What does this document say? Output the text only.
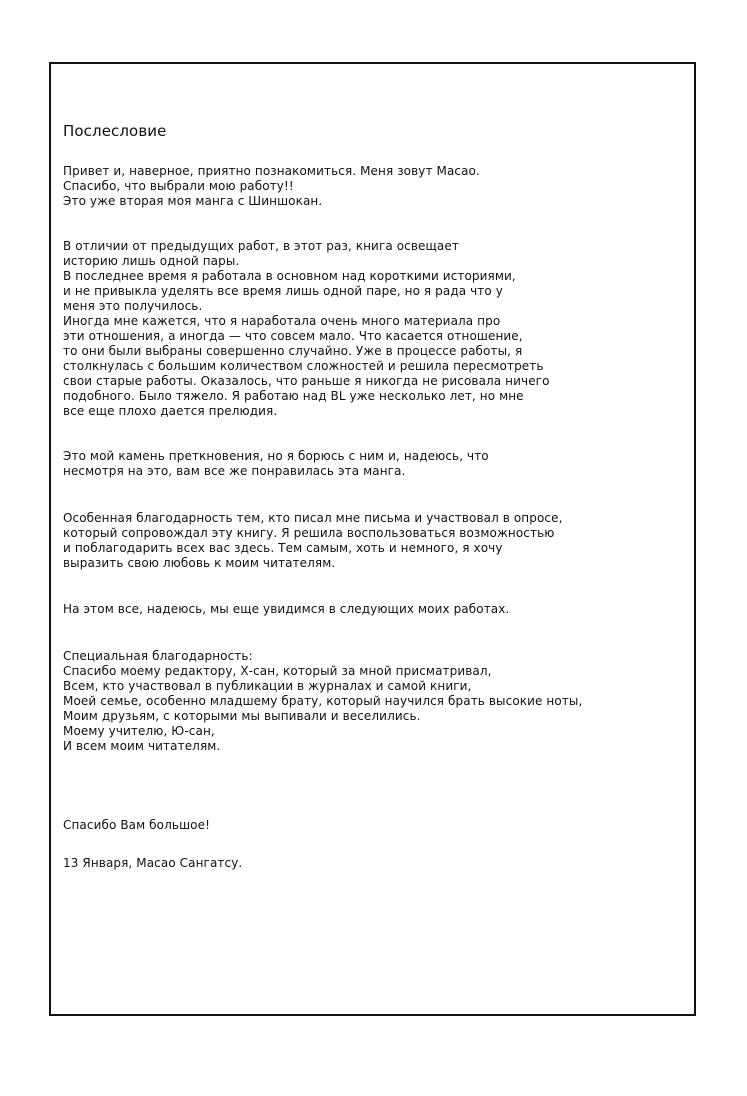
Послесловие
Привет и, наверное, приятно познакомиться. Меня зовут Масао.
Спасибо, что выбрали мою работу!!
Это уже вторая моя манга с Шиншокан.
В отличии от предыдущих работ, в этот раз, книга освещает
историю лишь одной пары.
В последнее время я работала в основном над короткими историями,
и не привыкла уделять все время лишь одной паре, но я рада что у
меня это получилось.
Иногда мне кажется, что я наработала очень много материала про
эти отношения, а иногда — что совсем мало. Что касается отношение,
то они были выбраны совершенно случайно. Уже в процессе работы, я
столкнулась с большим количеством сложностей и решила пересмотреть
свои старые работы. Оказалось, что раньше я никогда не рисовала ничего
подобного. Было тяжело. Я работаю над BL уже несколько лет, но мне
все еще плохо дается прелюдия.
Это мой камень преткновения, но я борюсь с ним и, надеюсь, что
несмотря на это, вам все же понравилась эта манга.
Особенная благодарность тем, кто писал мне письма и участвовал в опросе,
который сопровождал эту книгу. Я решила воспользоваться возможностью
и поблагодарить всех вас здесь. Тем самым, хоть и немного, я хочу
выразить свою любовь к моим читателям.
На этом все, надеюсь, мы еще увидимся в следующих моих работах.
Специальная благодарность:
Спасибо моему редактору, Х-сан, который за мной присматривал,
Всем, кто участвовал в публикации в журналах и самой книги,
Моей семье, особенно младшему брату, который научился брать высокие ноты,
Моим друзьям, с которыми мы выпивали и веселились.
Моему учителю, Ю-сан,
И всем моим читателям.
Спасибо Вам большое!
13 Января, Масао Сангатсу.
